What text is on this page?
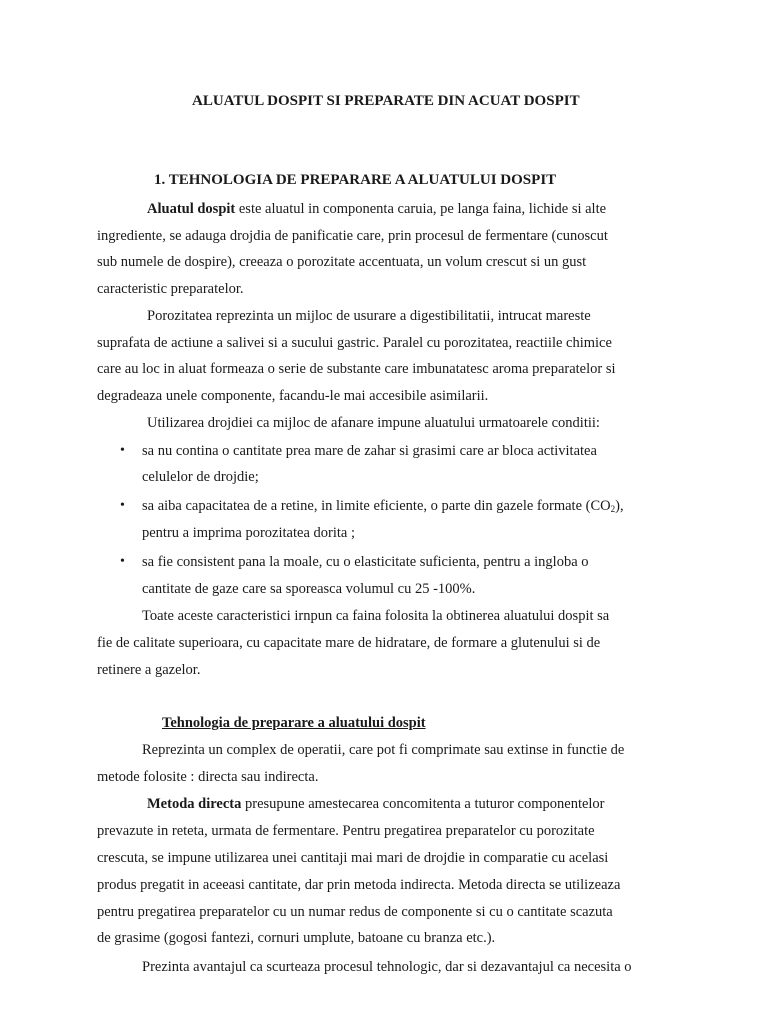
ALUATUL DOSPIT SI PREPARATE DIN ACUAT DOSPIT
1. TEHNOLOGIA DE PREPARARE A ALUATULUI DOSPIT
Aluatul dospit este aluatul in componenta caruia, pe langa faina, lichide si alte
ingrediente, se adauga drojdia de panificatie care, prin procesul de fermentare (cunoscut
sub numele de dospire), creeaza o porozitate accentuata, un volum crescut si un gust
caracteristic preparatelor.
Porozitatea reprezinta un mijloc de usurare a digestibilitatii, intrucat mareste
suprafata de actiune a salivei si a sucului gastric. Paralel cu porozitatea, reactiile chimice
care au loc in aluat formeaza o serie de substante care imbunatatesc aroma preparatelor si
degradeaza unele componente, facandu-le mai accesibile asimilarii.
Utilizarea drojdiei ca mijloc de afanare impune aluatului urmatoarele conditii:
• sa nu contina o cantitate prea mare de zahar si grasimi care ar bloca activitatea
celulelor de drojdie;
• sa aiba capacitatea de a retine, in limite eficiente, o parte din gazele formate $(CO_2)$,
pentru a imprima porozitatea dorita ;
• sa fie consistent pana la moale, cu o elasticitate suficienta, pentru a ingloba o
cantitate de gaze care sa sporeasca volumul cu 25 -100%.
Toate aceste caracteristici irnpun ca faina folosita la obtinerea aluatului dospit sa
fie de calitate superioara, cu capacitate mare de hidratare, de formare a glutenului si de
retinere a gazelor.
Tehnologia de preparare a aluatului dospit
Reprezinta un complex de operatii, care pot fi comprimate sau extinse in functie de
metode folosite : directa sau indirecta.
Metoda directa presupune amestecarea concomitenta a tuturor componentelor
prevazute in reteta, urmata de fermentare. Pentru pregatirea preparatelor cu porozitate
crescuta, se impune utilizarea unei cantitaji mai mari de drojdie in comparatie cu acelasi
produs pregatit in aceeasi cantitate, dar prin metoda indirecta. Metoda directa se utilizeaza
pentru pregatirea preparatelor cu un numar redus de componente si cu o cantitate scazuta
de grasime (gogosi fantezi, cornuri umplute, batoane cu branza etc.).
Prezinta avantajul ca scurteaza procesul tehnologic, dar si dezavantajul ca necesita o
